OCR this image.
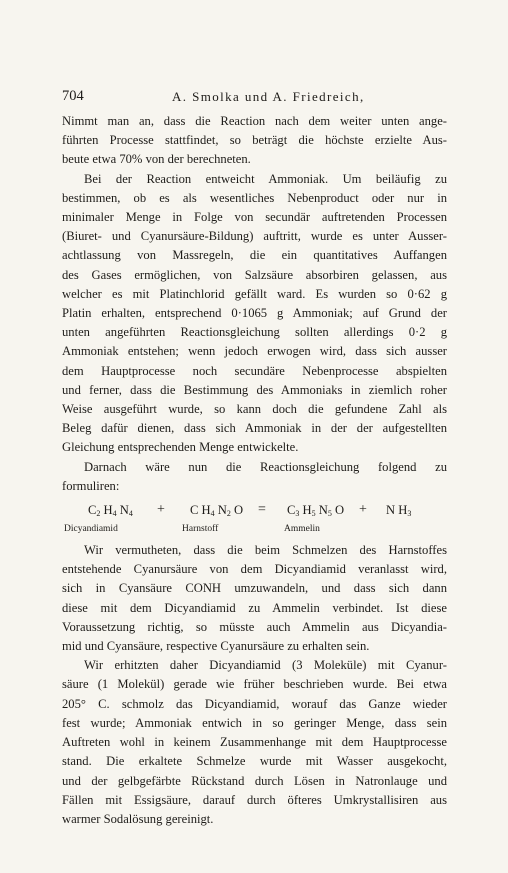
704	A. Smolka und A. Friedreich,
Nimmt man an, dass die Reaction nach dem weiter unten ange-
führten Processe stattfindet, so beträgt die höchste erzielte Aus-
beute etwa 70% von der berechneten.
Bei der Reaction entweicht Ammoniak. Um beiläufig zu
bestimmen, ob es als wesentliches Nebenproduct oder nur in
minimaler Menge in Folge von secundär auftretenden Processen
(Biuret- und Cyanursäure-Bildung) auftritt, wurde es unter Ausser-
achtlassung von Massregeln, die ein quantitatives Auffangen
des Gases ermöglichen, von Salzsäure absorbiren gelassen, aus
welcher es mit Platinchlorid gefällt ward. Es wurden so 0·62 g
Platin erhalten, entsprechend 0·1065 g Ammoniak; auf Grund der
unten angeführten Reactionsgleichung sollten allerdings 0·2 g
Ammoniak entstehen; wenn jedoch erwogen wird, dass sich ausser
dem Hauptprocesse noch secundäre Nebenprocesse abspielten
und ferner, dass die Bestimmung des Ammoniaks in ziemlich roher
Weise ausgeführt wurde, so kann doch die gefundene Zahl als
Beleg dafür dienen, dass sich Ammoniak in der der aufgestellten
Gleichung entsprechenden Menge entwickelte.
Darnach wäre nun die Reactionsgleichung folgend zu
formuliren:
$C_2$ $H_4$ $N_4$
Dicyandiamid
C $H_4$ $N_2$ O
Harnstoff
$C_3$ $H_5$ $N_5$ O
Ammelin
N $H_3$
+	=	+
Wir vermutheten, dass die beim Schmelzen des Harnstoffes
entstehende Cyanursäure von dem Dicyandiamid veranlasst wird,
sich in Cyansäure CONH umzuwandeln, und dass sich dann
diese mit dem Dicyandiamid zu Ammelin verbindet. Ist diese
Voraussetzung richtig, so müsste auch Ammelin aus Dicyandia-
mid und Cyansäure, respective Cyanursäure zu erhalten sein.
Wir erhitzten daher Dicyandiamid (3 Moleküle) mit Cyanur-
säure (1 Molekül) gerade wie früher beschrieben wurde. Bei etwa
205° C. schmolz das Dicyandiamid, worauf das Ganze wieder
fest wurde; Ammoniak entwich in so geringer Menge, dass sein
Auftreten wohl in keinem Zusammenhange mit dem Hauptprocesse
stand. Die erkaltete Schmelze wurde mit Wasser ausgekocht,
und der gelbgefärbte Rückstand durch Lösen in Natronlauge und
Fällen mit Essigsäure, darauf durch öfteres Umkrystallisiren aus
warmer Sodalösung gereinigt.
